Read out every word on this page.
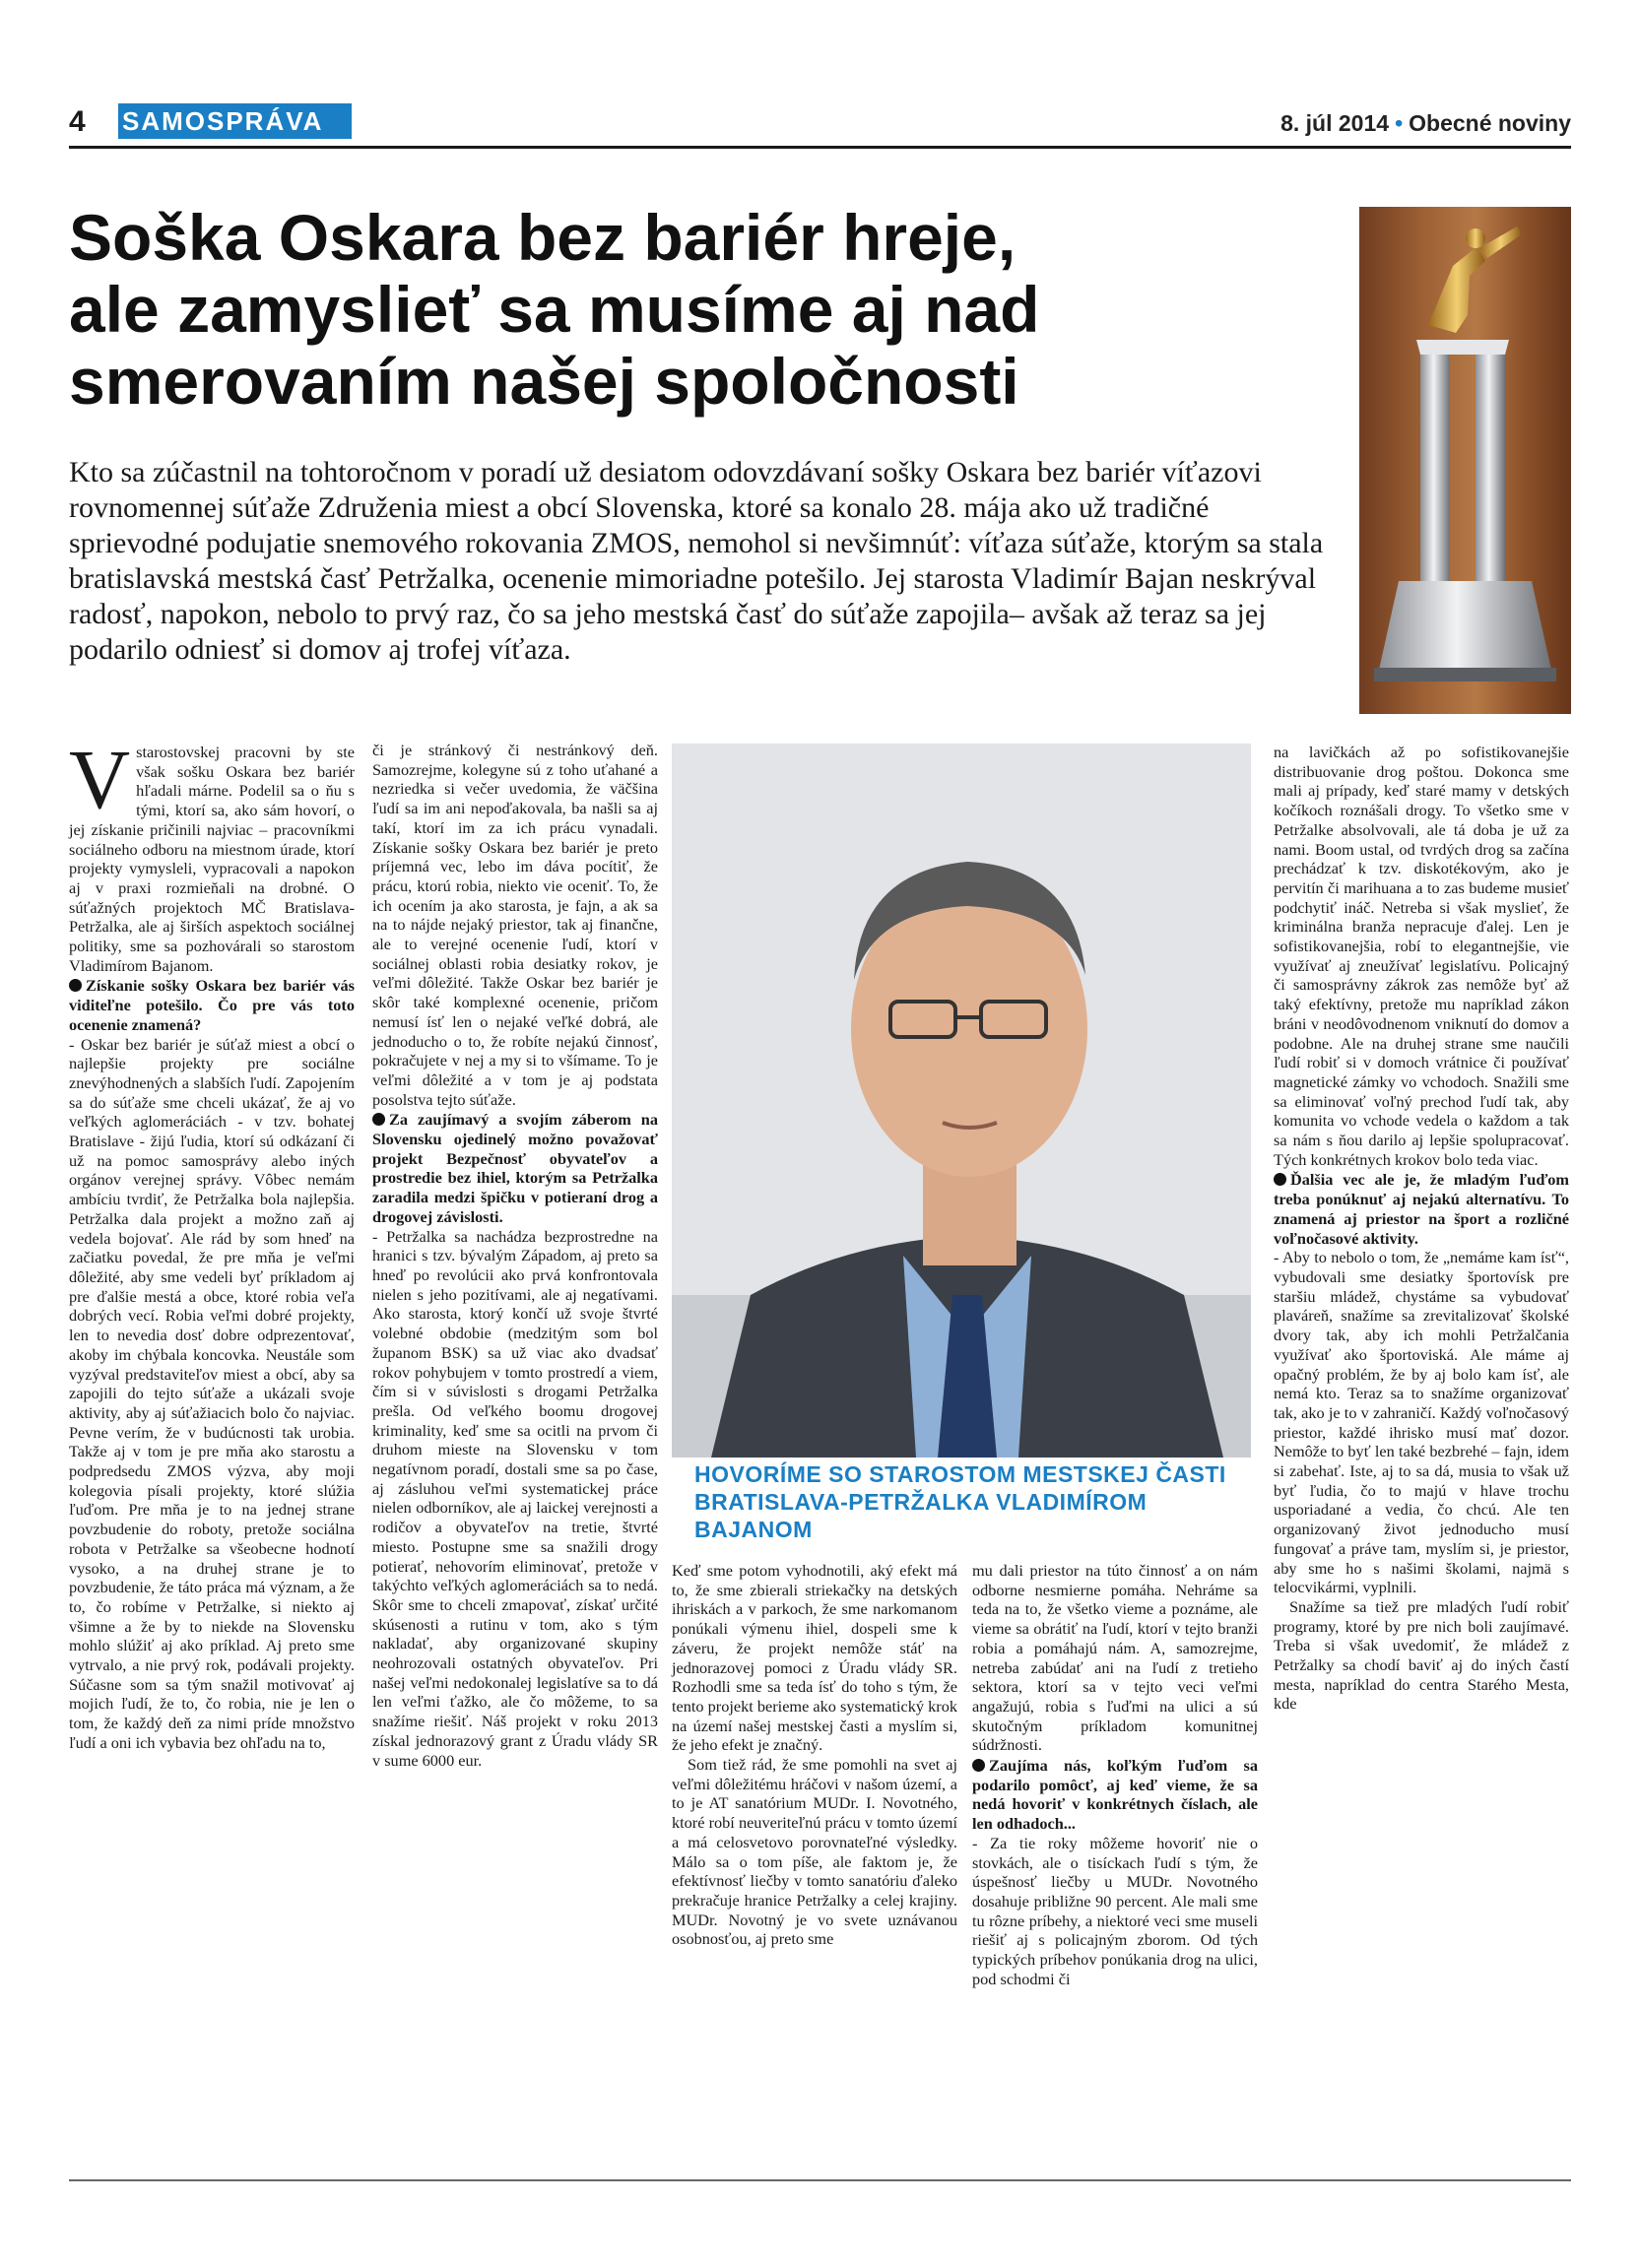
4 SAMOSPRÁVA	8. júl 2014 • Obecné noviny
Soška Oskara bez bariér hreje,
ale zamyslieť sa musíme aj nad
smerovaním našej spoločnosti
Kto sa zúčastnil na tohtoročnom v poradí už desiatom odovzdávaní sošky Oskara bez bariér víťazovi rovnomennej súťaže Združenia miest a obcí Slovenska, ktoré sa konalo 28. mája ako už tradičné sprievodné podujatie snemového rokovania ZMOS, nemohol si nevšimnúť: víťaza súťaže, ktorým sa stala bratislavská mestská časť Petržalka, ocenenie mimoriadne potešilo. Jej starosta Vladimír Bajan neskrýval radosť, napokon, nebolo to prvý raz, čo sa jeho mestská časť do súťaže zapojila– avšak až teraz sa jej podarilo odniesť si domov aj trofej víťaza.

Vstarostovskej pracovni by ste však sošku Oskara bez bariér hľadali márne. Podelil sa o ňu s tými, ktorí sa, ako sám hovorí, o jej získanie pričinili najviac – pracovníkmi sociálneho odboru na miestnom úrade, ktorí projekty vymysleli, vypracovali a napokon aj v praxi rozmieňali na drobné. O súťažných projektoch MČ Bratislava-Petržalka, ale aj širších aspektoch sociálnej politiky, sme sa pozhovárali so starostom Vladimírom Bajanom.

Získanie sošky Oskara bez bariér vás viditeľne potešilo. Čo pre vás toto ocenenie znamená?

- Oskar bez bariér je súťaž miest a obcí o najlepšie projekty pre sociálne znevýhodnených a slabších ľudí. Zapojením sa do súťaže sme chceli ukázať, že aj vo veľkých aglomeráciách - v tzv. bohatej Bratislave - žijú ľudia, ktorí sú odkázaní či už na pomoc samosprávy alebo iných orgánov verejnej správy. Vôbec nemám ambíciu tvrdiť, že Petržalka bola najlepšia. Petržalka dala projekt a možno zaň aj vedela bojovať. Ale rád by som hneď na začiatku povedal, že pre mňa je veľmi dôležité, aby sme vedeli byť príkladom aj pre ďalšie mestá a obce, ktoré robia veľa dobrých vecí. Robia veľmi dobré projekty, len to nevedia dosť dobre odprezentovať, akoby im chýbala koncovka. Neustále som vyzýval predstaviteľov miest a obcí, aby sa zapojili do tejto súťaže a ukázali svoje aktivity, aby aj súťažiacich bolo čo najviac. Pevne verím, že v budúcnosti tak urobia. Takže aj v tom je pre mňa ako starostu a podpredsedu ZMOS výzva, aby moji kolegovia písali projekty, ktoré slúžia ľuďom. Pre mňa je to na jednej strane povzbudenie do roboty, pretože sociálna robota v Petržalke sa všeobecne hodnotí vysoko, a na druhej strane je to povzbudenie, že táto práca má význam, a že to, čo robíme v Petržalke, si niekto aj všimne a že by to niekde na Slovensku mohlo slúžiť aj ako príklad. Aj preto sme vytrvalo, a nie prvý rok, podávali projekty. Súčasne som sa tým snažil motivovať aj mojich ľudí, že to, čo robia, nie je len o tom, že každý deň za nimi príde množstvo ľudí a oni ich vybavia bez ohľadu na to,

či je stránkový či nestránkový deň. Samozrejme, kolegyne sú z toho uťahané a nezriedka si večer uvedomia, že väčšina ľudí sa im ani nepoďakovala, ba našli sa aj takí, ktorí im za ich prácu vynadali. Získanie sošky Oskara bez bariér je preto príjemná vec, lebo im dáva pocítiť, že prácu, ktorú robia, niekto vie oceniť. To, že ich ocením ja ako starosta, je fajn, a ak sa na to nájde nejaký priestor, tak aj finančne, ale to verejné ocenenie ľudí, ktorí v sociálnej oblasti robia desiatky rokov, je veľmi dôležité. Takže Oskar bez bariér je skôr také komplexné ocenenie, pričom nemusí ísť len o nejaké veľké dobrá, ale jednoducho o to, že robíte nejakú činnosť, pokračujete v nej a my si to všímame. To je veľmi dôležité a v tom je aj podstata posolstva tejto súťaže.

Za zaujímavý a svojím záberom na Slovensku ojedinelý možno považovať projekt Bezpečnosť obyvateľov a prostredie bez ihiel, ktorým sa Petržalka zaradila medzi špičku v potieraní drog a drogovej závislosti.

- Petržalka sa nachádza bezprostredne na hranici s tzv. bývalým Západom, aj preto sa hneď po revolúcii ako prvá konfrontovala nielen s jeho pozitívami, ale aj negatívami. Ako starosta, ktorý končí už svoje štvrté volebné obdobie (medzitým som bol županom BSK) sa už viac ako dvadsať rokov pohybujem v tomto prostredí a viem, čím si v súvislosti s drogami Petržalka prešla. Od veľkého boomu drogovej kriminality, keď sme sa ocitli na prvom či druhom mieste na Slovensku v tom negatívnom poradí, dostali sme sa po čase, aj zásluhou veľmi systematickej práce nielen odborníkov, ale aj laickej verejnosti a rodičov a obyvateľov na tretie, štvrté miesto. Postupne sme sa snažili drogy potierať, nehovorím eliminovať, pretože v takýchto veľkých aglomeráciách sa to nedá. Skôr sme to chceli zmapovať, získať určité skúsenosti a rutinu v tom, ako s tým nakladať, aby organizované skupiny neohrozovali ostatných obyvateľov. Pri našej veľmi nedokonalej legislatíve sa to dá len veľmi ťažko, ale čo môžeme, to sa snažíme riešiť. Náš projekt v roku 2013 získal jednorazový grant z Úradu vlády SR v sume 6000 eur.

HOVORÍME SO STAROSTOM MESTSKEJ ČASTI BRATISLAVA-PETRŽALKA VLADIMÍROM BAJANOM

Keď sme potom vyhodnotili, aký efekt má to, že sme zbierali striekačky na detských ihriskách a v parkoch, že sme narkomanom ponúkali výmenu ihiel, dospeli sme k záveru, že projekt nemôže stáť na jednorazovej pomoci z Úradu vlády SR. Rozhodli sme sa teda ísť do toho s tým, že tento projekt berieme ako systematický krok na území našej mestskej časti a myslím si, že jeho efekt je značný.

Som tiež rád, že sme pomohli na svet aj veľmi dôležitému hráčovi v našom území, a to je AT sanatórium MUDr. I. Novotného, ktoré robí neuveriteľnú prácu v tomto území a má celosvetovo porovnateľné výsledky. Málo sa o tom píše, ale faktom je, že efektívnosť liečby v tomto sanatóriu ďaleko prekračuje hranice Petržalky a celej krajiny. MUDr. Novotný je vo svete uznávanou osobnosťou, aj preto sme

mu dali priestor na túto činnosť a on nám odborne nesmierne pomáha. Nehráme sa teda na to, že všetko vieme a poznáme, ale vieme sa obrátiť na ľudí, ktorí v tejto branži robia a pomáhajú nám. A, samozrejme, netreba zabúdať ani na ľudí z tretieho sektora, ktorí sa v tejto veci veľmi angažujú, robia s ľuďmi na ulici a sú skutočným príkladom komunitnej súdržnosti.

Zaujíma nás, koľkým ľuďom sa podarilo pomôcť, aj keď vieme, že sa nedá hovoriť v konkrétnych číslach, ale len odhadoch...

- Za tie roky môžeme hovoriť nie o stovkách, ale o tisíckach ľudí s tým, že úspešnosť liečby u MUDr. Novotného dosahuje približne 90 percent. Ale mali sme tu rôzne príbehy, a niektoré veci sme museli riešiť aj s policajným zborom. Od tých typických príbehov ponúkania drog na ulici, pod schodmi či

na lavičkách až po sofistikovanejšie distribuovanie drog poštou. Dokonca sme mali aj prípady, keď staré mamy v detských kočíkoch roznášali drogy. To všetko sme v Petržalke absolvovali, ale tá doba je už za nami. Boom ustal, od tvrdých drog sa začína prechádzať k tzv. diskotékovým, ako je pervitín či marihuana a to zas budeme musieť podchytiť ináč. Netreba si však myslieť, že kriminálna branža nepracuje ďalej. Len je sofistikovanejšia, robí to elegantnejšie, vie využívať aj zneužívať legislatívu. Policajný či samosprávny zákrok zas nemôže byť až taký efektívny, pretože mu napríklad zákon bráni v neodôvodnenom vniknutí do domov a podobne. Ale na druhej strane sme naučili ľudí robiť si v domoch vrátnice či používať magnetické zámky vo vchodoch. Snažili sme sa eliminovať voľný prechod ľudí tak, aby komunita vo vchode vedela o každom a tak sa nám s ňou darilo aj lepšie spolupracovať. Tých konkrétnych krokov bolo teda viac.

Ďalšia vec ale je, že mladým ľuďom treba ponúknuť aj nejakú alternatívu. To znamená aj priestor na šport a rozličné voľnočasové aktivity.

- Aby to nebolo o tom, že „nemáme kam ísť“, vybudovali sme desiatky športovísk pre staršiu mládež, chystáme sa vybudovať plaváreň, snažíme sa zrevitalizovať školské dvory tak, aby ich mohli Petržalčania využívať ako športoviská. Ale máme aj opačný problém, že by aj bolo kam ísť, ale nemá kto. Teraz sa to snažíme organizovať tak, ako je to v zahraničí. Každý voľnočasový priestor, každé ihrisko musí mať dozor. Nemôže to byť len také bezbrehé – fajn, idem si zabehať. Iste, aj to sa dá, musia to však už byť ľudia, čo to majú v hlave trochu usporiadané a vedia, čo chcú. Ale ten organizovaný život jednoducho musí fungovať a práve tam, myslím si, je priestor, aby sme ho s našimi školami, najmä s telocvikármi, vyplnili.

Snažíme sa tiež pre mladých ľudí robiť programy, ktoré by pre nich boli zaujímavé. Treba si však uvedomiť, že mládež z Petržalky sa chodí baviť aj do iných častí mesta, napríklad do centra Starého Mesta, kde
